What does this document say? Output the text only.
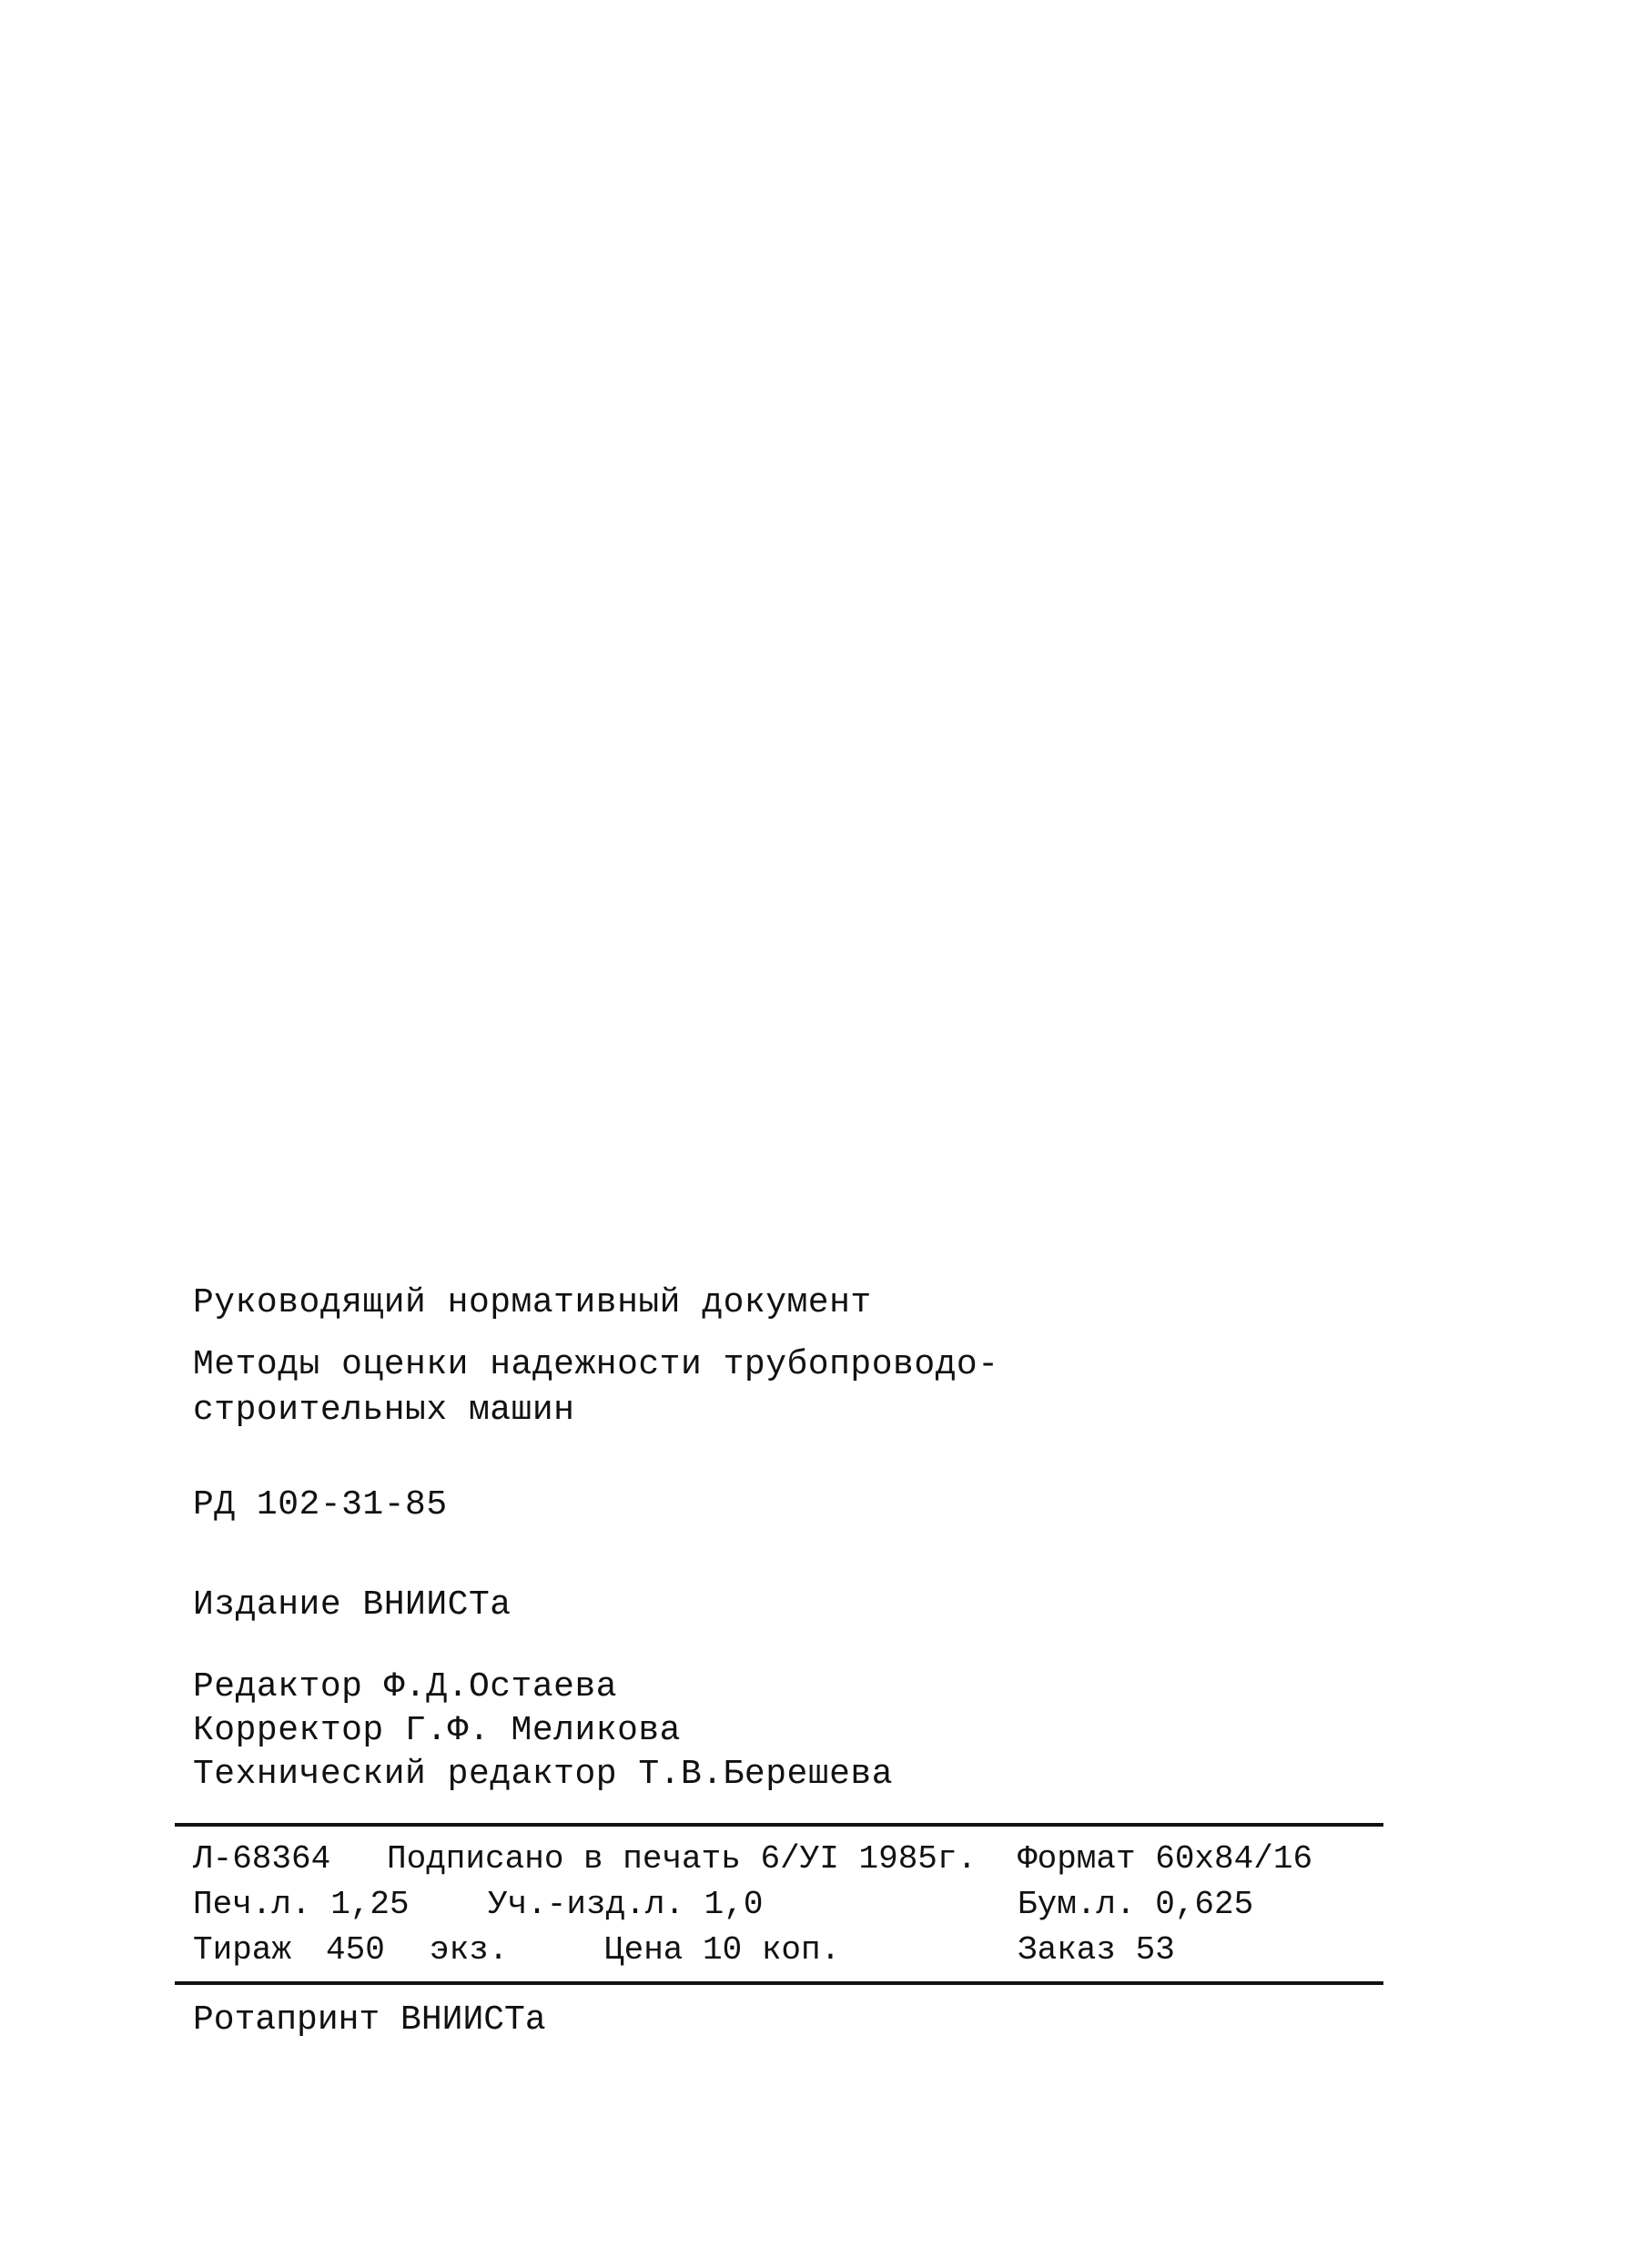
Руководящий нормативный документ
Методы оценки надежности трубопроводо-
строительных машин
РД 102-31-85
Издание ВНИИСТа
Редактор Ф.Д.Остаева
Корректор Г.Ф. Меликова
Технический редактор Т.В.Берешева
Л-68364 Подписано в печать 6/УІ 1985г. Формат 60х84/16
Печ.л. 1,25 Уч.-изд.л. 1,0	Бум.л. 0,625
Тираж 450 экз.	Цена 10 коп.	Заказ 53
Ротапринт ВНИИСТа
